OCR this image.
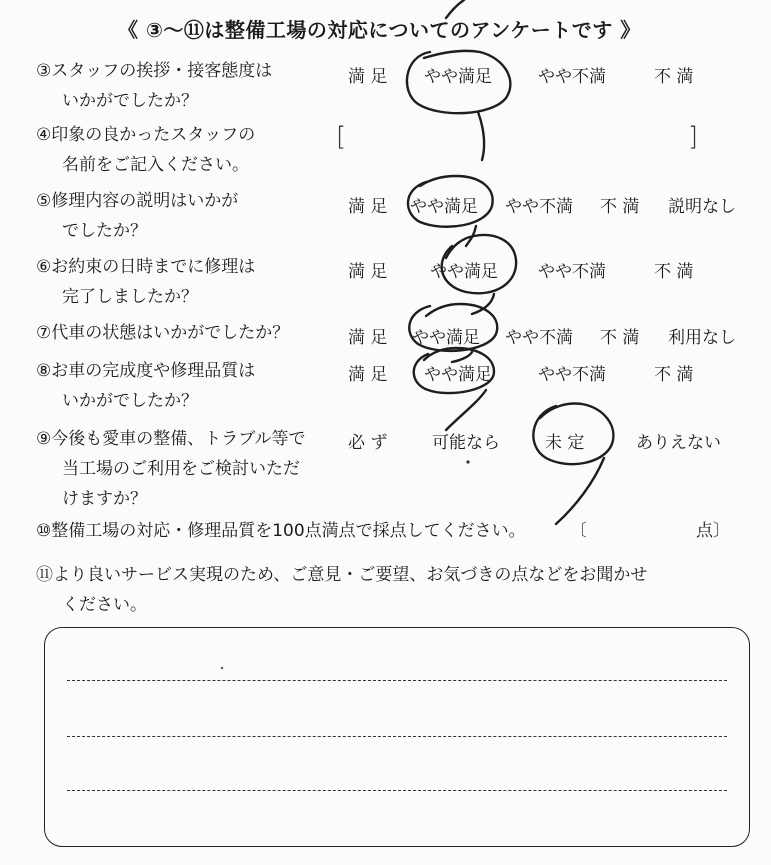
《 ③～⑪は整備工場の対応についてのアンケートです 》
③スタッフの挨拶・接客態度は
いかがでしたか？
満 足 やや満足	やや不満	不 満
④印象の良かったスタッフの
名前をご記入ください。
[	]
⑤修理内容の説明はいかが
でしたか？
満 足 やや満足 やや不満 不 満 説明なし
⑥お約束の日時までに修理は
完了しましたか？
満 足	やや満足 やや不満	不 満
⑦代車の状態はいかがでしたか？	満 足 やや満足 やや不満 不 満 利用なし
⑧お車の完成度や修理品質は
いかがでしたか？
満 足 やや満足	やや不満	不 満
⑨今後も愛車の整備、トラブル等で
当工場のご利用をご検討いただ
けますか？
必 ず	可能なら	未 定	ありえない
⑩整備工場の対応・修理品質を100点満点で採点してください。	〔	点〕
⑪より良いサービス実現のため、ご意見・ご要望、お気づきの点などをお聞かせ
ください。
